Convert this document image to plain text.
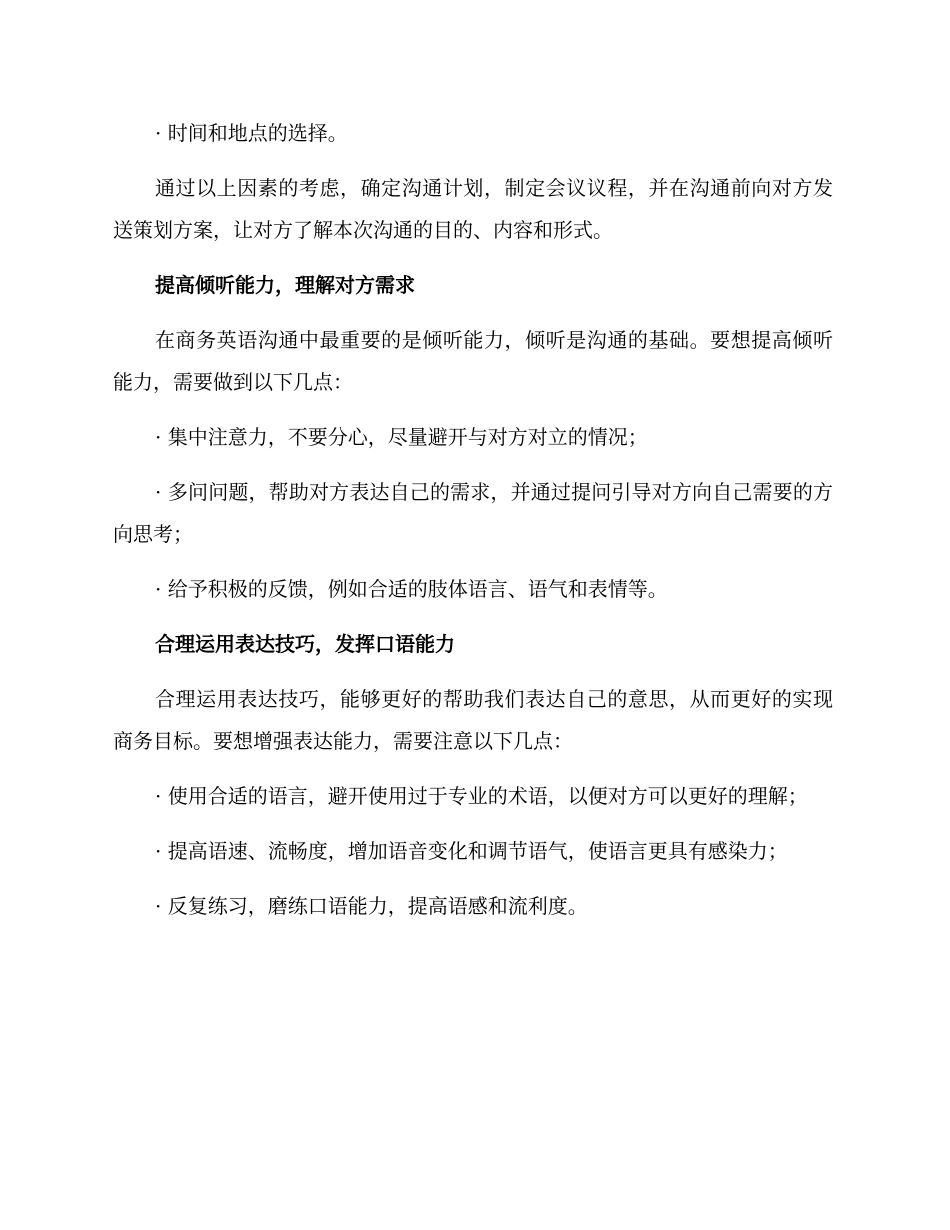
· 时间和地点的选择。

通过以上因素的考虑，确定沟通计划，制定会议议程，并在沟通前向对方发送策划方案，让对方了解本次沟通的目的、内容和形式。

提高倾听能力，理解对方需求

在商务英语沟通中最重要的是倾听能力，倾听是沟通的基础。要想提高倾听能力，需要做到以下几点：

· 集中注意力，不要分心，尽量避开与对方对立的情况；

· 多问问题，帮助对方表达自己的需求，并通过提问引导对方向自己需要的方向思考；

· 给予积极的反馈，例如合适的肢体语言、语气和表情等。

合理运用表达技巧，发挥口语能力

合理运用表达技巧，能够更好的帮助我们表达自己的意思，从而更好的实现商务目标。要想增强表达能力，需要注意以下几点：

· 使用合适的语言，避开使用过于专业的术语，以便对方可以更好的理解；

· 提高语速、流畅度，增加语音变化和调节语气，使语言更具有感染力；

· 反复练习，磨练口语能力，提高语感和流利度。
